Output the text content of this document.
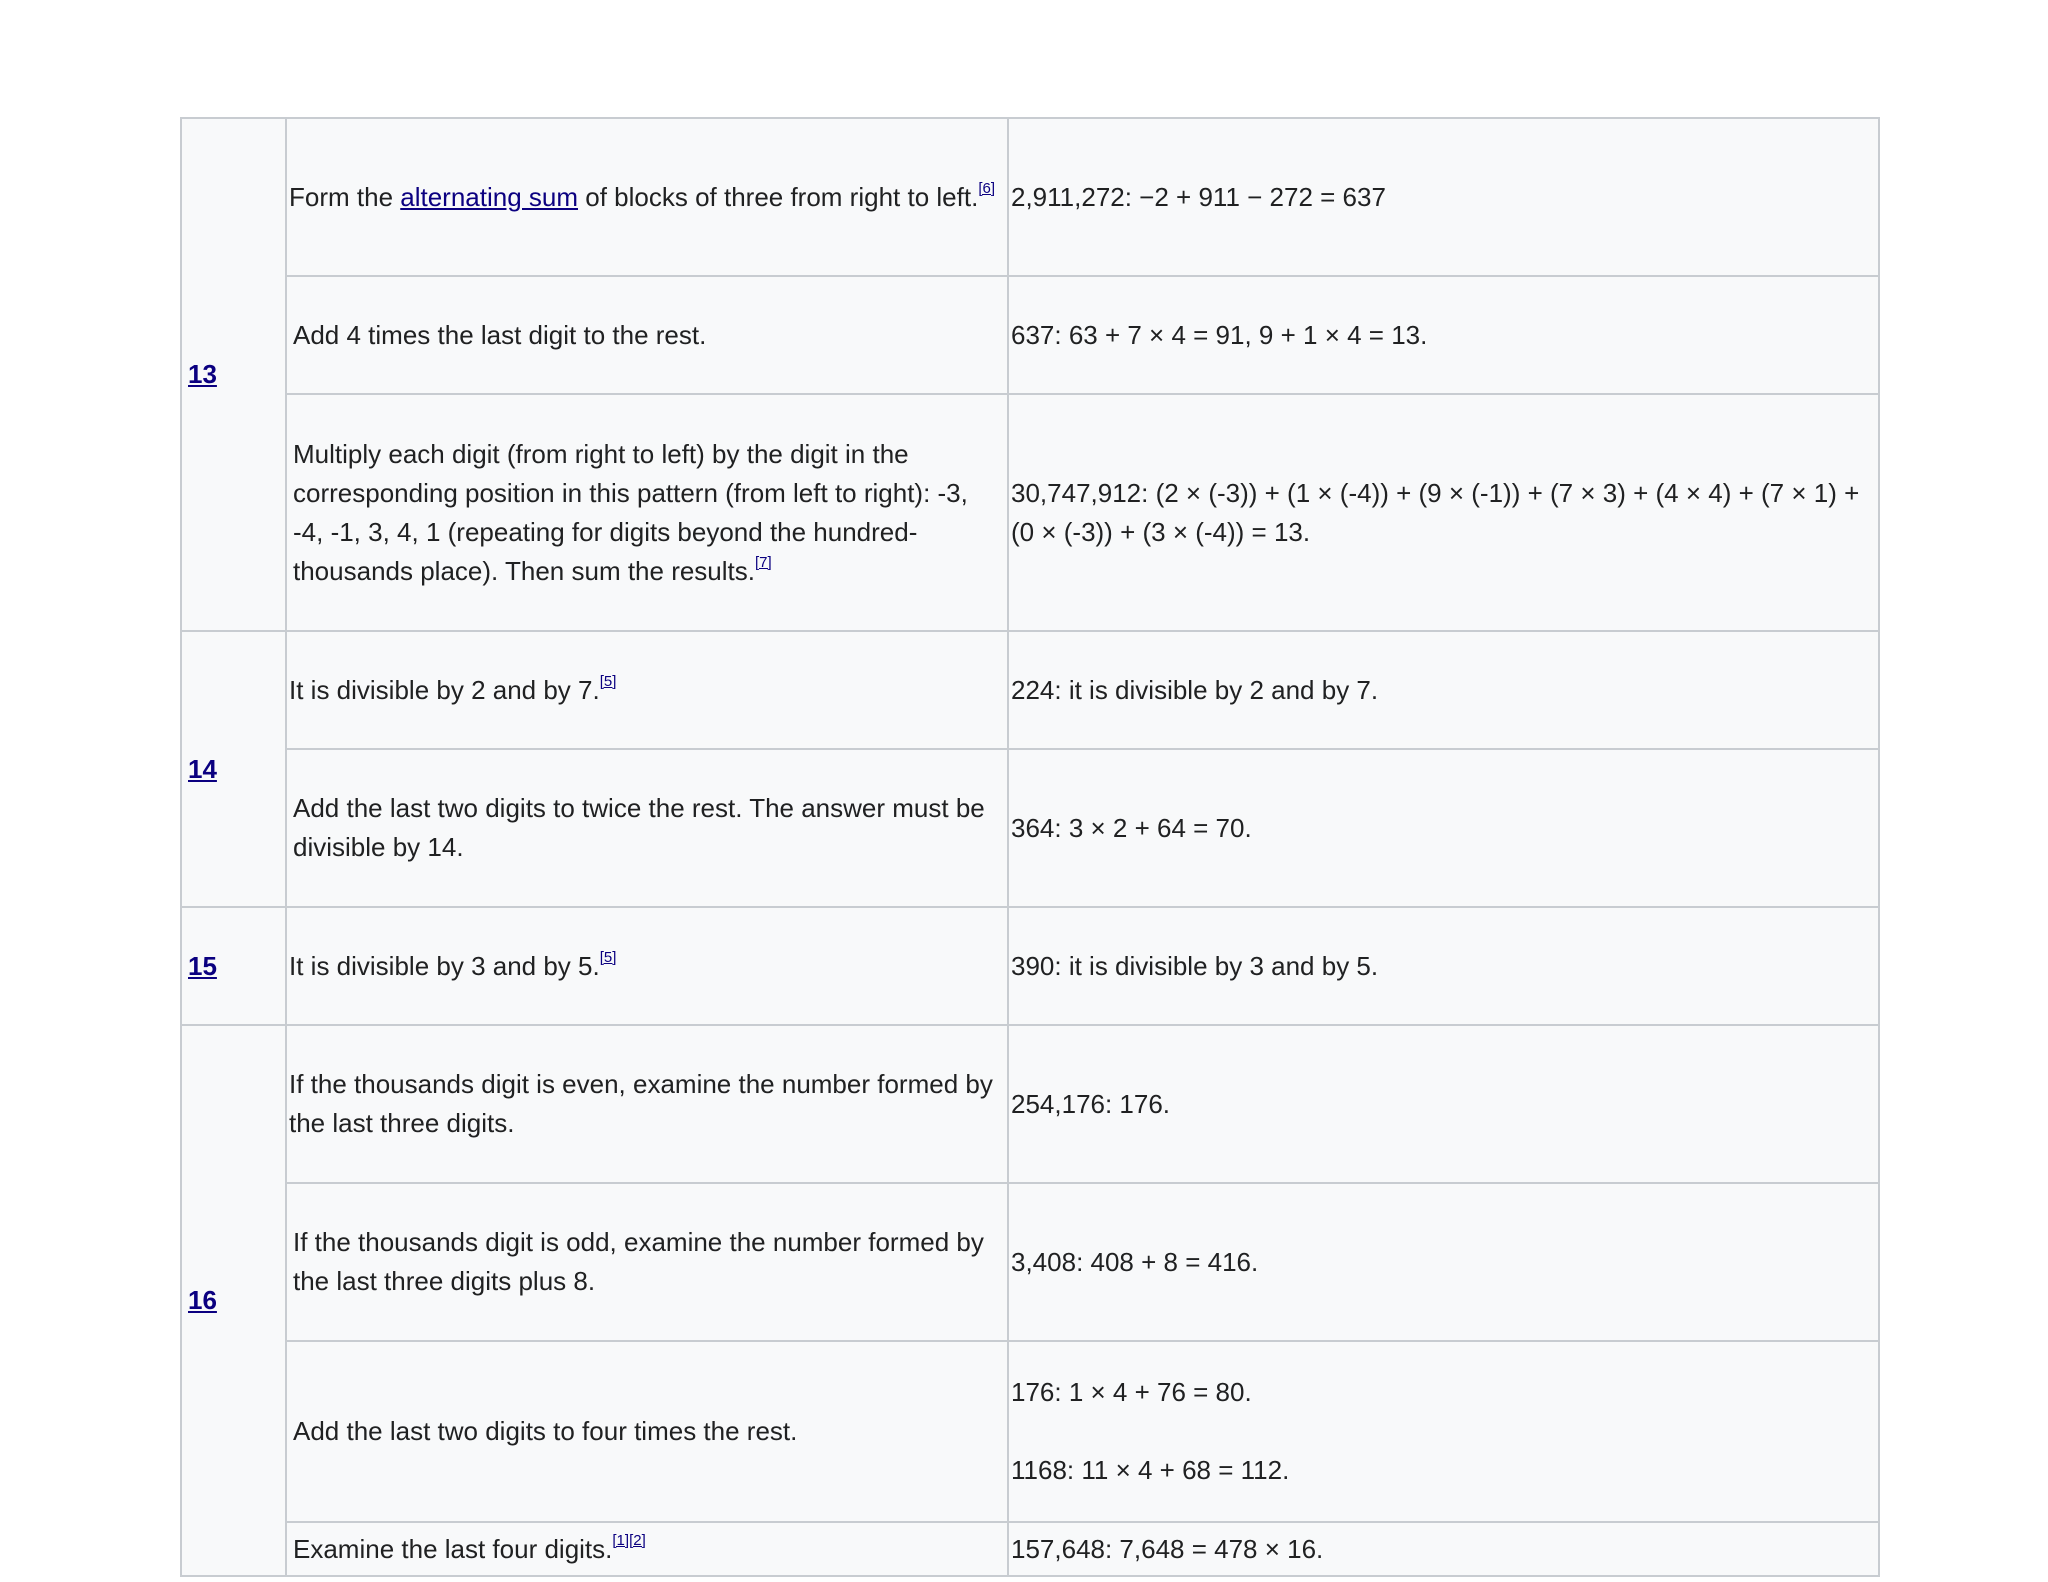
13	Form the alternating sum of blocks of three from right to left.[6]	2,911,272: −2 + 911 − 272 = 637
	Add 4 times the last digit to the rest.	637: 63 + 7 × 4 = 91, 9 + 1 × 4 = 13.
	Multiply each digit (from right to left) by the digit in the corresponding position in this pattern (from left to right): -3, -4, -1, 3, 4, 1 (repeating for digits beyond the hundred-thousands place). Then sum the results.[7]	30,747,912: (2 × (-3)) + (1 × (-4)) + (9 × (-1)) + (7 × 3) + (4 × 4) + (7 × 1) + (0 × (-3)) + (3 × (-4)) = 13.
14	It is divisible by 2 and by 7.[5]	224: it is divisible by 2 and by 7.
	Add the last two digits to twice the rest. The answer must be divisible by 14.	364: 3 × 2 + 64 = 70.
15	It is divisible by 3 and by 5.[5]	390: it is divisible by 3 and by 5.
16	If the thousands digit is even, examine the number formed by the last three digits.	254,176: 176.
	If the thousands digit is odd, examine the number formed by the last three digits plus 8.	3,408: 408 + 8 = 416.
	Add the last two digits to four times the rest.	176: 1 × 4 + 76 = 80.
1168: 11 × 4 + 68 = 112.

	Examine the last four digits.[1][2]	157,648: 7,648 = 478 × 16.
